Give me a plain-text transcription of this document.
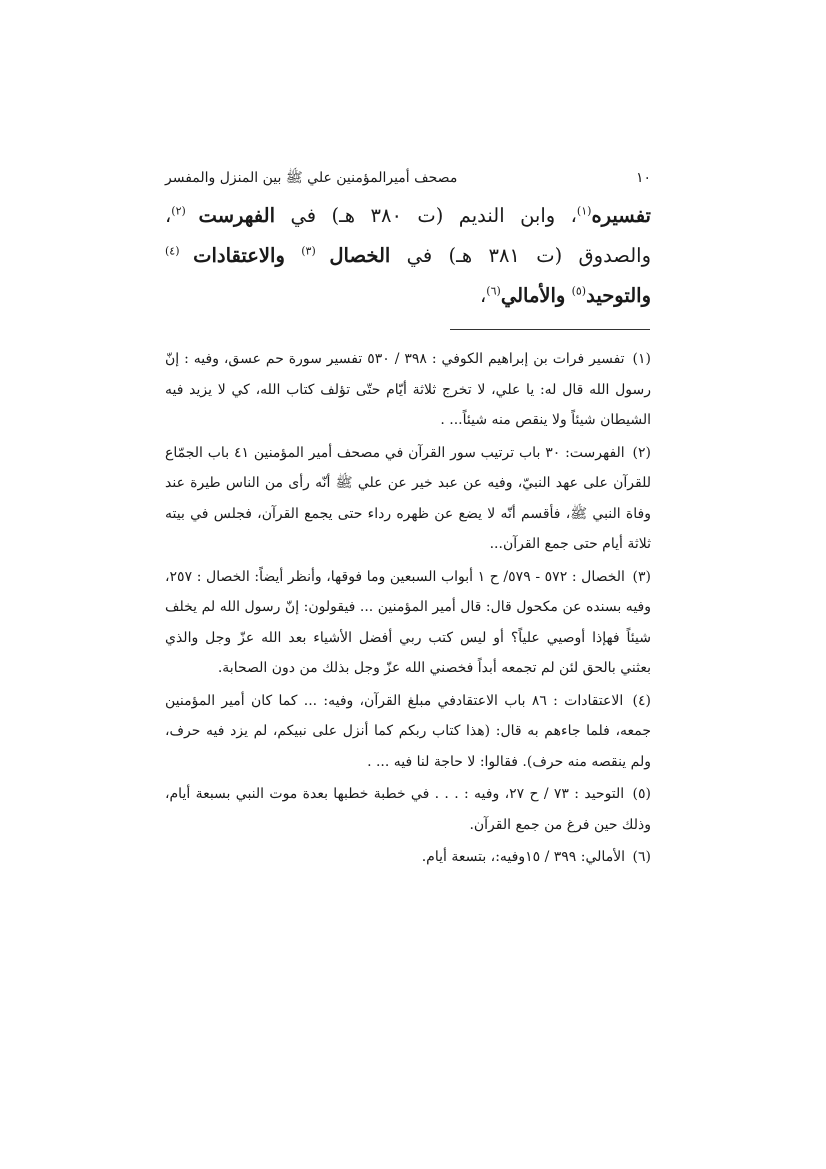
١٠
مصحف أميرالمؤمنين علي ﷺ بين المنزل والمفسر
تفسيره$^{(١)}$، وابن النديم (ت ٣٨٠ هـ) في الفهرست $^{(٢)}$، والصدوق (ت ٣٨١ هـ) في الخصال $^{(٣)}$ والاعتقادات $^{(٤)}$ والتوحيد$^{(٥)}$ والأمالي$^{(٦)}$،

(١) تفسير فرات بن إبراهيم الكوفي : ٣٩٨ / ٥٣٠ تفسير سورة حم عسق، وفيه : إنّ رسول الله قال له: يا علي، لا تخرج ثلاثة أيّام حتّى تؤلف كتاب الله، كي لا يزيد فيه الشيطان شيئاً ولا ينقص منه شيئاً... .

(٢) الفهرست: ٣٠ باب ترتيب سور القرآن في مصحف أمير المؤمنين ٤١ باب الجمّاع للقرآن على عهد النبيّ، وفيه عن عبد خير عن علي ﷺ أنّه رأى من الناس طيرة عند وفاة النبي ﷺ، فأقسم أنّه لا يضع عن ظهره رداء حتى يجمع القرآن، فجلس في بيته ثلاثة أيام حتى جمع القرآن...

(٣) الخصال : ٥٧٢ - ٥٧٩/ ح ١ أبواب السبعين وما فوقها، وأنظر أيضاً: الخصال : ٢٥٧، وفيه بسنده عن مكحول قال: قال أمير المؤمنين ... فيقولون: إنّ رسول الله لم يخلف شيئاً فهإذا أوصيي علياً؟ أو ليس كتب ربي أفضل الأشياء بعد الله عزّ وجل والذي بعثني بالحق لئن لم تجمعه أبداً فخصني الله عزّ وجل بذلك من دون الصحابة.

(٤) الاعتقادات : ٨٦ باب الاعتقادفي مبلغ القرآن، وفيه: ... كما كان أمير المؤمنين جمعه، فلما جاءهم به قال: (هذا كتاب ربكم كما أنزل على نبيكم، لم يزد فيه حرف، ولم ينقصه منه حرف). فقالوا: لا حاجة لنا فيه ... .

(٥) التوحيد : ٧٣ / ح ٢٧، وفيه : . . . في خطبة خطبها بعدة موت النبي بسبعة أيام، وذلك حين فرغ من جمع القرآن.

(٦) الأمالي: ٣٩٩ / ١٥وفيه:، بتسعة أيام.
